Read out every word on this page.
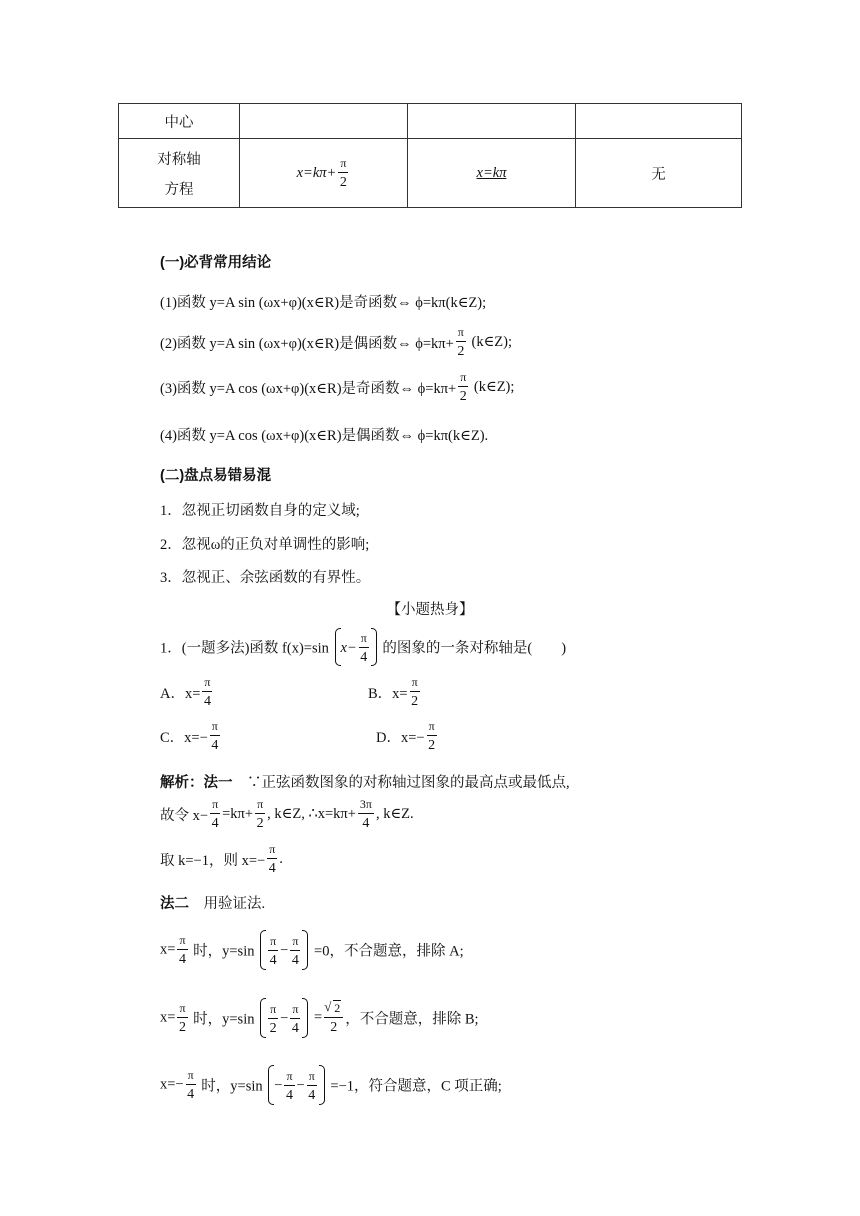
中心			

对称轴
方程
	$x=k\pi+ \frac{\pi}{2}$	x=kπ	无
(一)必背常用结论
(1)函数 y=A sin (ωx+φ)(x∈R)是奇函数⇔ ϕ=kπ(k∈Z);
(2)函数 y=A sin (ωx+φ)(x∈R)是偶函数⇔ $\phi=k\pi+ \frac{\pi}{2}$ (k∈Z);
(3)函数 y=A cos (ωx+φ)(x∈R)是奇函数⇔ $\phi=k\pi+ \frac{\pi}{2}$ (k∈Z);
(4)函数 y=A cos (ωx+φ)(x∈R)是偶函数⇔ ϕ=kπ(k∈Z).
(二)盘点易错易混
1．忽视正切函数自身的定义域;
2．忽视ω的正负对单调性的影响;
3．忽视正、余弦函数的有界性。
【小题热身】
1．(一题多法)函数 f(x)=sin $x- \frac{\pi}{4}$ 的图象的一条对称轴是(　　)
A．$x= \frac{\pi}{4}$	B．$x= \frac{\pi}{2}$
C．$x=- \frac{\pi}{4}$	D．$x=- \frac{\pi}{2}$
解析：法一　 ∵正弦函数图象的对称轴过图象的最高点或最低点,
故令 $x- \frac{\pi}{4} =k\pi+ \frac{\pi}{2}$ , k∈Z, ∴x=kπ+ $\frac{3\pi}{4}$ , k∈Z.
取 k=−1，则 $x=- \frac{\pi}{4}$ .
法二　 用验证法.
$x= \frac{\pi}{4}$ 时，$y=\sin \frac{\pi}{4} - \frac{\pi}{4} =0$，不合题意，排除 A;
$x= \frac{\pi}{2}$ 时，$y=\sin \frac{\pi}{2} - \frac{\pi}{4}$ =
√ $\frac{2}{2}$ ，不合题意，排除 B;
$x=- \frac{\pi}{4}$ 时，$y=\sin - \frac{\pi}{4} - \frac{\pi}{4} =-1$，符合题意，C 项正确;
